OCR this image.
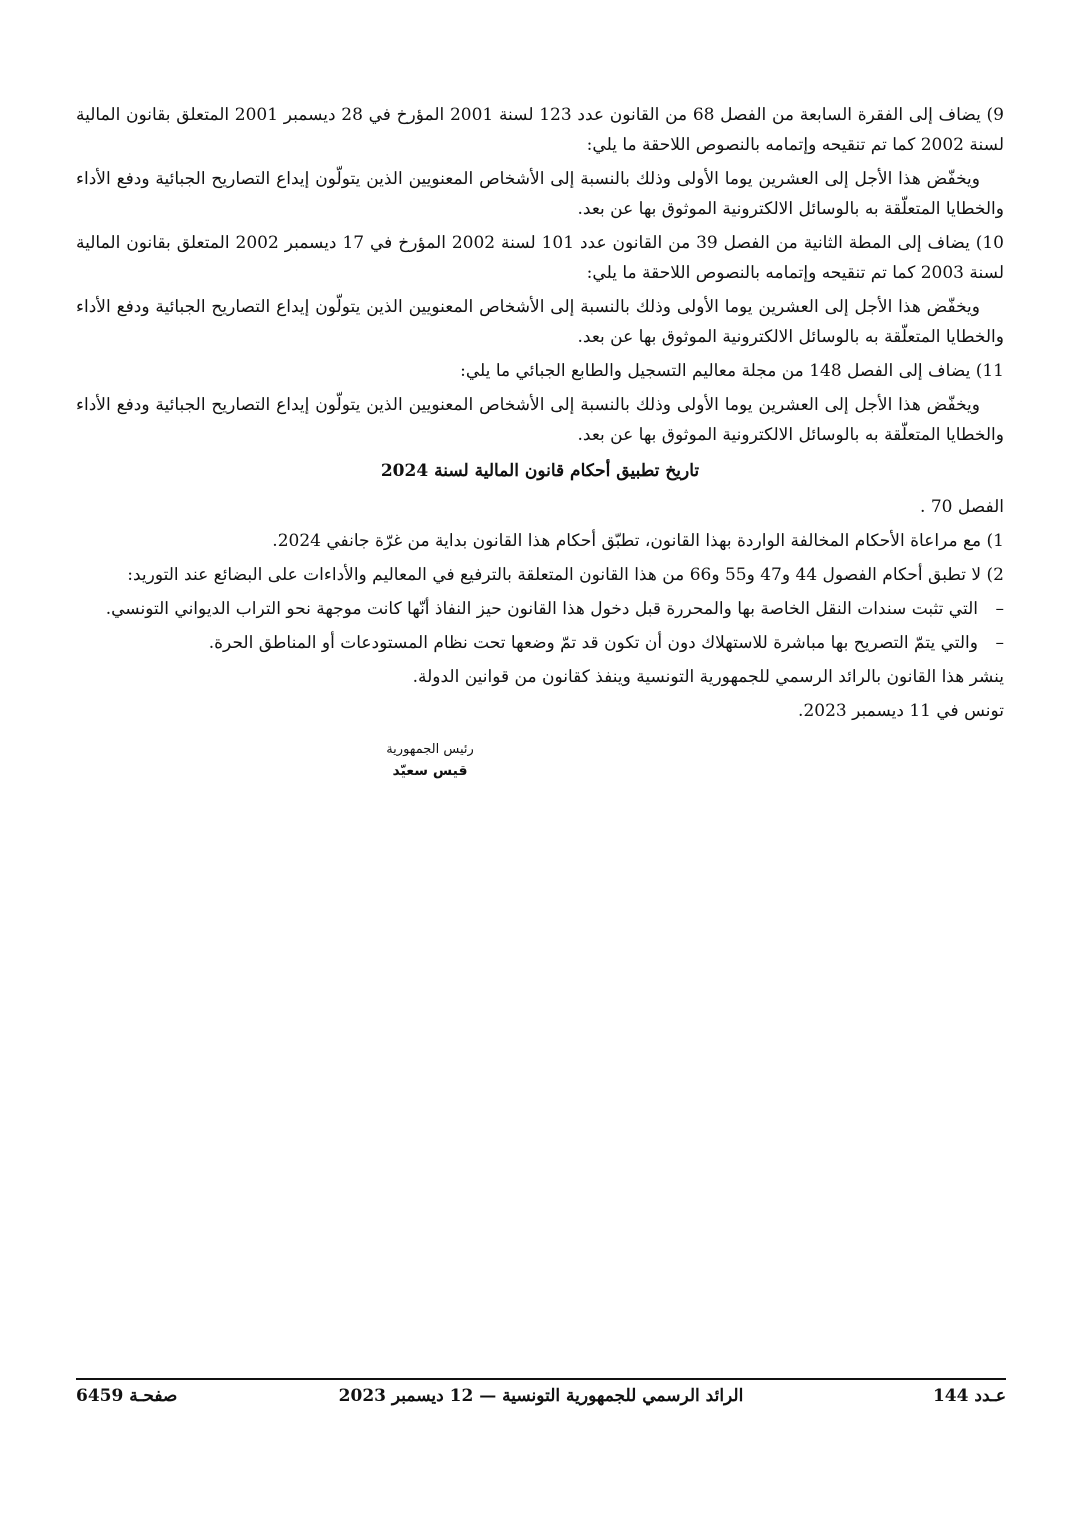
9) يضاف إلى الفقرة السابعة من الفصل 68 من القانون عدد 123 لسنة 2001 المؤرخ في 28 ديسمبر 2001 المتعلق بقانون المالية لسنة 2002 كما تم تنقيحه وإتمامه بالنصوص اللاحقة ما يلي:

ويخفّض هذا الأجل إلى العشرين يوما الأولى وذلك بالنسبة إلى الأشخاص المعنويين الذين يتولّون إيداع التصاريح الجبائية ودفع الأداء والخطايا المتعلّقة به بالوسائل الالكترونية الموثوق بها عن بعد.

10) يضاف إلى المطة الثانية من الفصل 39 من القانون عدد 101 لسنة 2002 المؤرخ في 17 ديسمبر 2002 المتعلق بقانون المالية لسنة 2003 كما تم تنقيحه وإتمامه بالنصوص اللاحقة ما يلي:

ويخفّض هذا الأجل إلى العشرين يوما الأولى وذلك بالنسبة إلى الأشخاص المعنويين الذين يتولّون إيداع التصاريح الجبائية ودفع الأداء والخطايا المتعلّقة به بالوسائل الالكترونية الموثوق بها عن بعد.

11) يضاف إلى الفصل 148 من مجلة معاليم التسجيل والطابع الجبائي ما يلي:

ويخفّض هذا الأجل إلى العشرين يوما الأولى وذلك بالنسبة إلى الأشخاص المعنويين الذين يتولّون إيداع التصاريح الجبائية ودفع الأداء والخطايا المتعلّقة به بالوسائل الالكترونية الموثوق بها عن بعد.

تاريخ تطبيق أحكام قانون المالية لسنة 2024
الفصل 70 .
1) مع مراعاة الأحكام المخالفة الواردة بهذا القانون، تطبّق أحكام هذا القانون بداية من غرّة جانفي 2024.
2) لا تطبق أحكام الفصول 44 و47 و55 و66 من هذا القانون المتعلقة بالترفيع في المعاليم والأداءات على البضائع عند التوريد:
–التي تثبت سندات النقل الخاصة بها والمحررة قبل دخول هذا القانون حيز النفاذ أنّها كانت موجهة نحو التراب الديواني التونسي.
–والتي يتمّ التصريح بها مباشرة للاستهلاك دون أن تكون قد تمّ وضعها تحت نظام المستودعات أو المناطق الحرة.
ينشر هذا القانون بالرائد الرسمي للجمهورية التونسية وينفذ كقانون من قوانين الدولة.
تونس في 11 ديسمبر 2023.
رئيس الجمهورية
قيس سعيّد
عـدد 144
الرائد الرسمي للجمهورية التونسية — 12 ديسمبر 2023
صفحـة 6459
